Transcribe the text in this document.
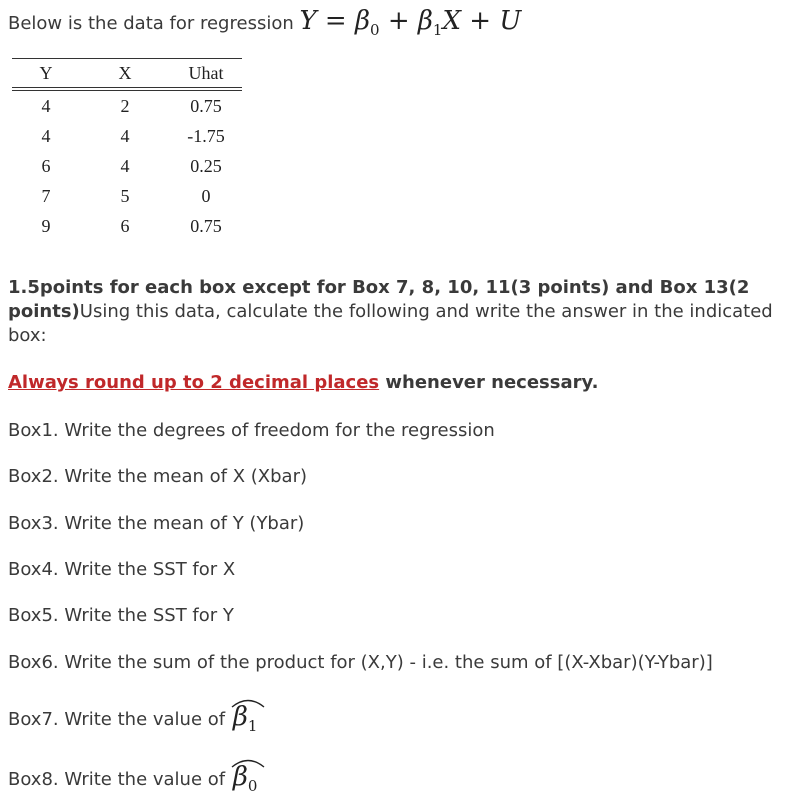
Below is the data for regression $Y = \beta_0 + \beta_1X + U$
Y	X	Uhat
4	2	0.75
4	4	-1.75
6	4	0.25
7	5	0
9	6	0.75
1.5points for each box except for Box 7, 8, 10, 11(3 points) and Box 13(2 points)Using this data, calculate the following and write the answer in the indicated box:
Always round up to 2 decimal places whenever necessary.
Box1. Write the degrees of freedom for the regression
Box2. Write the mean of X (Xbar)
Box3. Write the mean of Y (Ybar)
Box4. Write the SST for X
Box5. Write the SST for Y
Box6. Write the sum of the product for (X,Y) - i.e. the sum of [(X-Xbar)(Y-Ybar)]
Box7. Write the value of $\beta_1$
Box8. Write the value of $\beta_0$
